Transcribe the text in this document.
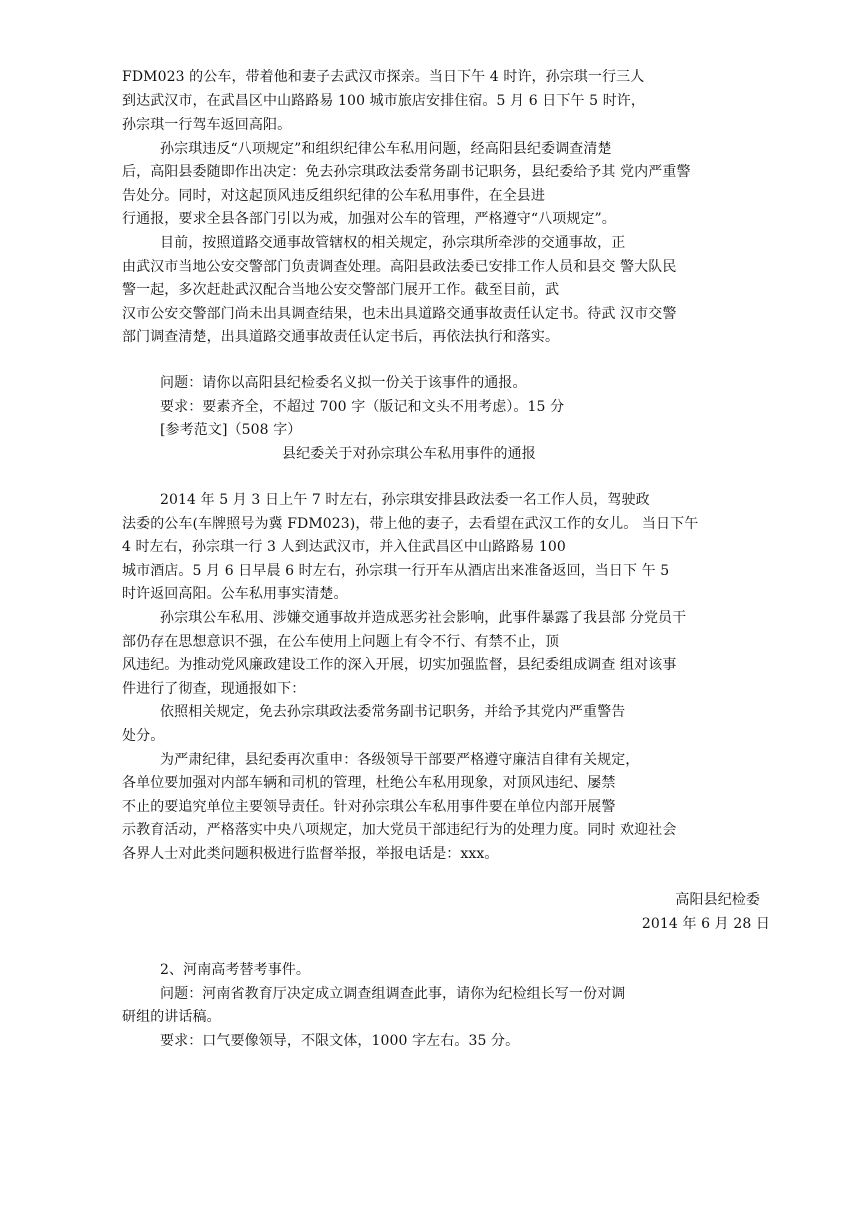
FDM023 的公车，带着他和妻子去武汉市探亲。当日下午 4 时许，孙宗琪一行三人
到达武汉市，在武昌区中山路路易 100 城市旅店安排住宿。5 月 6 日下午 5 时许，
孙宗琪一行驾车返回高阳。
孙宗琪违反“八项规定”和组织纪律公车私用问题，经高阳县纪委调查清楚
后，高阳县委随即作出决定：免去孙宗琪政法委常务副书记职务，县纪委给予其 党内严重警
告处分。同时，对这起顶风违反组织纪律的公车私用事件，在全县进
行通报，要求全县各部门引以为戒，加强对公车的管理，严格遵守“八项规定”。
目前，按照道路交通事故管辖权的相关规定，孙宗琪所牵涉的交通事故，正
由武汉市当地公安交警部门负责调查处理。高阳县政法委已安排工作人员和县交 警大队民
警一起，多次赶赴武汉配合当地公安交警部门展开工作。截至目前，武
汉市公安交警部门尚未出具调查结果，也未出具道路交通事故责任认定书。待武 汉市交警
部门调查清楚，出具道路交通事故责任认定书后，再依法执行和落实。
问题：请你以高阳县纪检委名义拟一份关于该事件的通报。
要求：要素齐全，不超过 700 字（版记和文头不用考虑）。15 分
[参考范文]（508 字）
县纪委关于对孙宗琪公车私用事件的通报
2014 年 5 月 3 日上午 7 时左右，孙宗琪安排县政法委一名工作人员，驾驶政
法委的公车(车牌照号为冀 FDM023)，带上他的妻子，去看望在武汉工作的女儿。 当日下午
4 时左右，孙宗琪一行 3 人到达武汉市，并入住武昌区中山路路易 100
城市酒店。5 月 6 日早晨 6 时左右，孙宗琪一行开车从酒店出来准备返回，当日下 午 5
时许返回高阳。公车私用事实清楚。
孙宗琪公车私用、涉嫌交通事故并造成恶劣社会影响，此事件暴露了我县部 分党员干
部仍存在思想意识不强，在公车使用上问题上有令不行、有禁不止，顶
风违纪。为推动党风廉政建设工作的深入开展，切实加强监督，县纪委组成调查 组对该事
件进行了彻查，现通报如下：
依照相关规定，免去孙宗琪政法委常务副书记职务，并给予其党内严重警告
处分。
为严肃纪律，县纪委再次重申：各级领导干部要严格遵守廉洁自律有关规定，
各单位要加强对内部车辆和司机的管理，杜绝公车私用现象，对顶风违纪、屡禁
不止的要追究单位主要领导责任。针对孙宗琪公车私用事件要在单位内部开展警
示教育活动，严格落实中央八项规定，加大党员干部违纪行为的处理力度。同时 欢迎社会
各界人士对此类问题积极进行监督举报，举报电话是：xxx。
高阳县纪检委
2014 年 6 月 28 日
2、河南高考替考事件。
问题：河南省教育厅决定成立调查组调查此事，请你为纪检组长写一份对调
研组的讲话稿。
要求：口气要像领导，不限文体，1000 字左右。35 分。
